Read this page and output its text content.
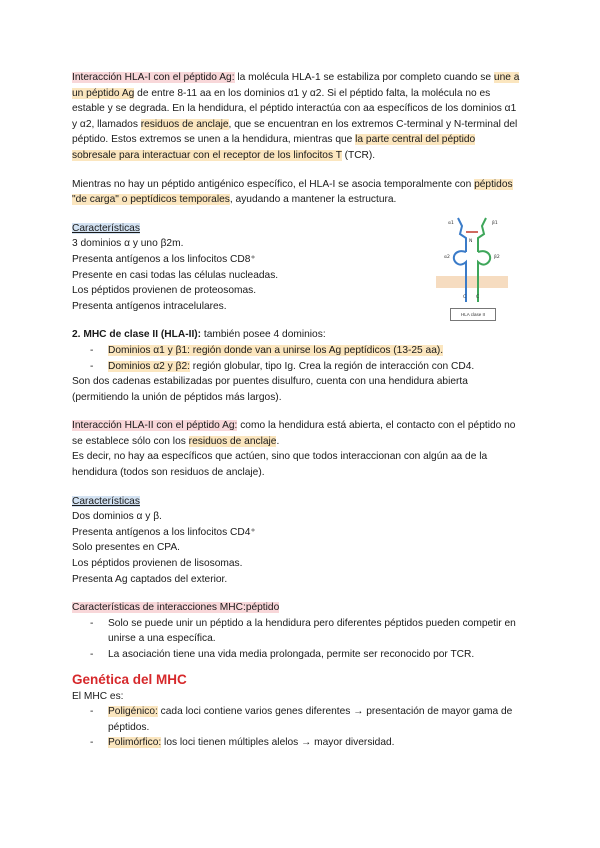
Interacción HLA-I con el péptido Ag: la molécula HLA-1 se estabiliza por completo cuando se une a un péptido Ag de entre 8-11 aa en los dominios α1 y α2. Si el péptido falta, la molécula no es estable y se degrada. En la hendidura, el péptido interactúa con aa específicos de los dominios α1 y α2, llamados residuos de anclaje, que se encuentran en los extremos C-terminal y N-terminal del péptido. Estos extremos se unen a la hendidura, mientras que la parte central del péptido sobresale para interactuar con el receptor de los linfocitos T (TCR).

Mientras no hay un péptido antigénico específico, el HLA-I se asocia temporalmente con péptidos "de carga" o peptídicos temporales, ayudando a mantener la estructura.

Características

3 dominios α y uno β2m.

Presenta antígenos a los linfocitos CD8⁺

Presente en casi todas las células nucleadas.

Los péptidos provienen de proteosomas.

Presenta antígenos intracelulares.

2. MHC de clase II (HLA-II): también posee 4 dominios:

- Dominios α1 y β1: región donde van a unirse los Ag peptídicos (13-25 aa).
- Dominios α2 y β2: región globular, tipo Ig. Crea la región de interacción con CD4.

Son dos cadenas estabilizadas por puentes disulfuro, cuenta con una hendidura abierta (permitiendo la unión de péptidos más largos).

Interacción HLA-II con el péptido Ag: como la hendidura está abierta, el contacto con el péptido no se establece sólo con los residuos de anclaje.

Es decir, no hay aa específicos que actúen, sino que todos interaccionan con algún aa de la hendidura (todos son residuos de anclaje).

Características

Dos dominios α y β.

Presenta antígenos a los linfocitos CD4⁺

Solo presentes en CPA.

Los péptidos provienen de lisosomas.

Presenta Ag captados del exterior.

Características de interacciones MHC:péptido

- Solo se puede unir un péptido a la hendidura pero diferentes péptidos pueden competir en unirse a una específica.
- La asociación tiene una vida media prolongada, permite ser reconocido por TCR.
Genética del MHC

El MHC es:

- Poligénico: cada loci contiene varios genes diferentes → presentación de mayor gama de péptidos.
- Polimórfico: los loci tienen múltiples alelos → mayor diversidad.
α1	β1
α2	β2
N
C C
HLA clase II
